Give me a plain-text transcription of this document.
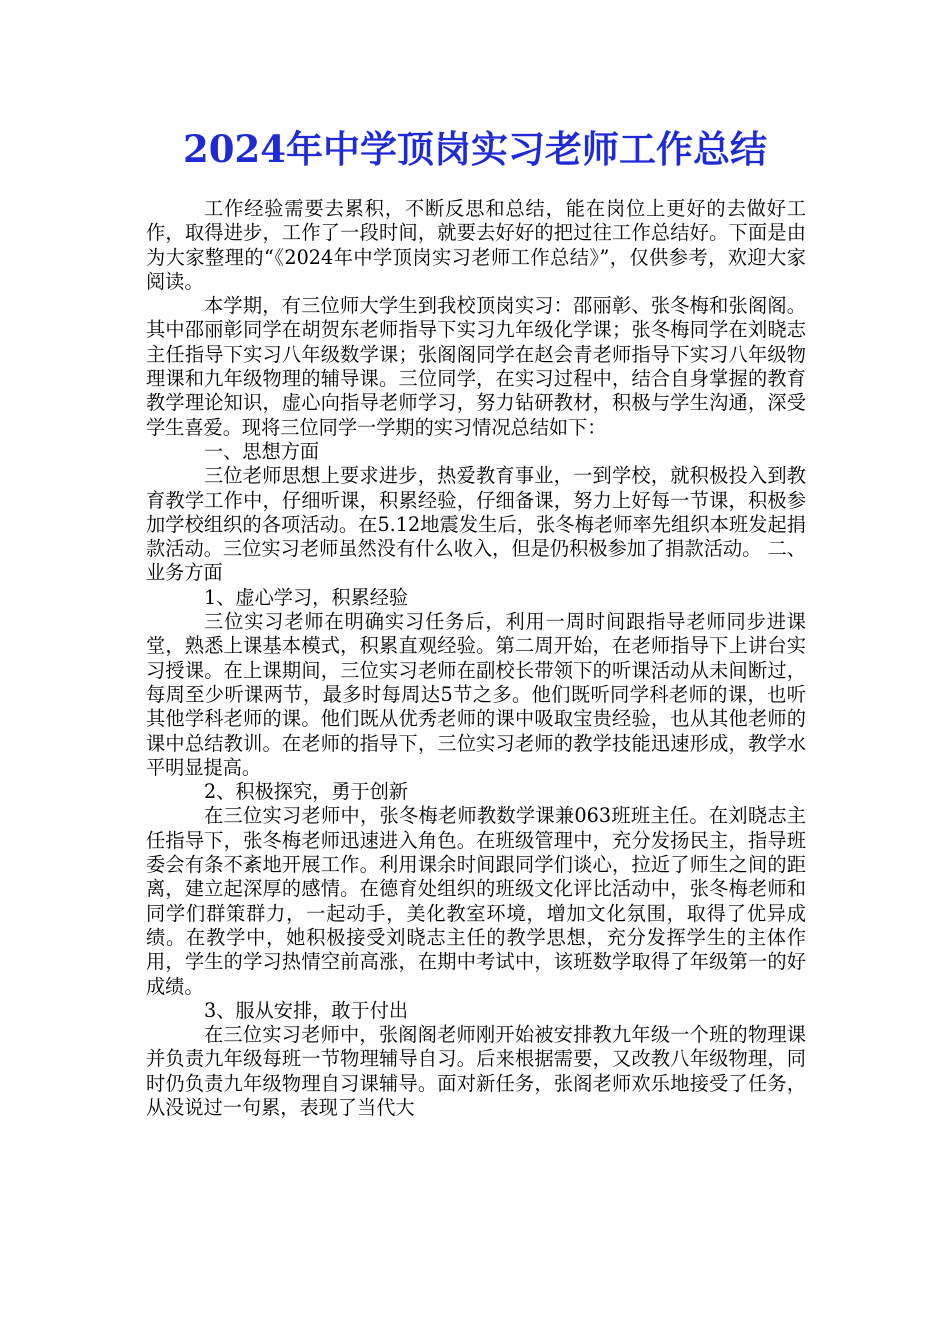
2024年中学顶岗实习老师工作总结

工作经验需要去累积，不断反思和总结，能在岗位上更好的去做好工作，取得进步，工作了一段时间，就要去好好的把过往工作总结好。下面是由为大家整理的“《2024年中学顶岗实习老师工作总结》”，仅供参考，欢迎大家阅读。

本学期，有三位师大学生到我校顶岗实习：邵丽彰、张冬梅和张阁阁。其中邵丽彰同学在胡贺东老师指导下实习九年级化学课；张冬梅同学在刘晓志主任指导下实习八年级数学课；张阁阁同学在赵会青老师指导下实习八年级物理课和九年级物理的辅导课。三位同学，在实习过程中，结合自身掌握的教育教学理论知识，虚心向指导老师学习，努力钻研教材，积极与学生沟通，深受学生喜爱。现将三位同学一学期的实习情况总结如下：

一、思想方面

三位老师思想上要求进步，热爱教育事业，一到学校，就积极投入到教育教学工作中，仔细听课，积累经验，仔细备课，努力上好每一节课，积极参加学校组织的各项活动。在5.12地震发生后，张冬梅老师率先组织本班发起捐款活动。三位实习老师虽然没有什么收入，但是仍积极参加了捐款活动。 二、业务方面

1、虚心学习，积累经验

三位实习老师在明确实习任务后，利用一周时间跟指导老师同步进课堂，熟悉上课基本模式，积累直观经验。第二周开始，在老师指导下上讲台实习授课。在上课期间，三位实习老师在副校长带领下的听课活动从未间断过，每周至少听课两节，最多时每周达5节之多。他们既听同学科老师的课，也听其他学科老师的课。他们既从优秀老师的课中吸取宝贵经验，也从其他老师的课中总结教训。在老师的指导下，三位实习老师的教学技能迅速形成，教学水平明显提高。

2、积极探究，勇于创新

在三位实习老师中，张冬梅老师教数学课兼063班班主任。在刘晓志主任指导下，张冬梅老师迅速进入角色。在班级管理中，充分发扬民主，指导班委会有条不紊地开展工作。利用课余时间跟同学们谈心，拉近了师生之间的距离，建立起深厚的感情。在德育处组织的班级文化评比活动中，张冬梅老师和同学们群策群力，一起动手，美化教室环境，增加文化氛围，取得了优异成绩。在教学中，她积极接受刘晓志主任的教学思想，充分发挥学生的主体作用，学生的学习热情空前高涨，在期中考试中，该班数学取得了年级第一的好成绩。

3、服从安排，敢于付出

在三位实习老师中，张阁阁老师刚开始被安排教九年级一个班的物理课并负责九年级每班一节物理辅导自习。后来根据需要，又改教八年级物理，同时仍负责九年级物理自习课辅导。面对新任务，张阁老师欢乐地接受了任务，从没说过一句累，表现了当代大
